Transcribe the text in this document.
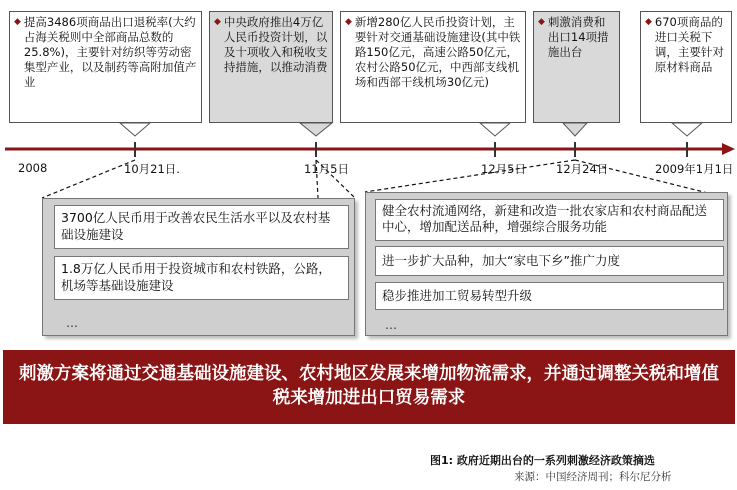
◆ 提高3486项商品出口退税率(大约占海关税则中全部商品总数的25.8%)，主要针对纺织等劳动密集型产业，以及制药等高附加值产业
◆ 中央政府推出4万亿人民币投资计划，以及十项收入和税收支持措施，以推动消费
◆ 新增280亿人民币投资计划，主要针对交通基础设施建设(其中铁路150亿元，高速公路50亿元，农村公路50亿元，中西部支线机场和西部干线机场30亿元)
◆ 刺激消费和出口14项措施出台
◆ 670项商品的进口关税下调，主要针对原材料商品
2008	10月21日.	11月5日	12月5日	12月24日	2009年1月1日
3700亿人民币用于改善农民生活水平以及农村基础设施建设
1.8万亿人民币用于投资城市和农村铁路，公路，机场等基础设施建设
…
健全农村流通网络，新建和改造一批农家店和农村商品配送中心，增加配送品种，增强综合服务功能
进一步扩大品种，加大“家电下乡”推广力度
稳步推进加工贸易转型升级
…
刺激方案将通过交通基础设施建设、农村地区发展来增加物流需求，并通过调整关税和增值税来增加进出口贸易需求
图1: 政府近期出台的一系列刺激经济政策摘选
来源：中国经济周刊；科尔尼分析
